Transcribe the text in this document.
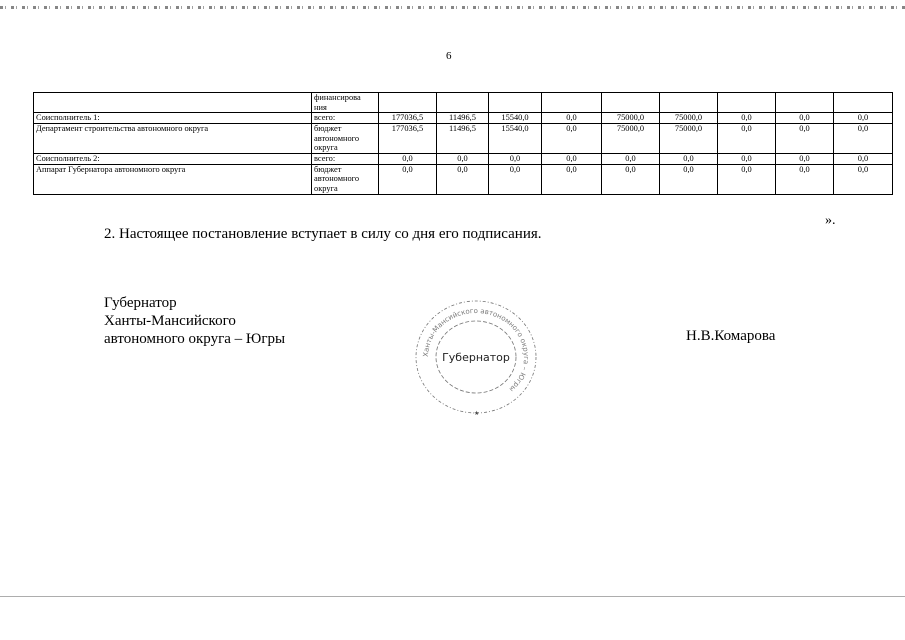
6
	финансирова
ния									
Соисполнитель 1:	всего:	177036,5	11496,5	15540,0	0,0	75000,0	75000,0	0,0	0,0	0,0
Департамент строительства автономного округа	бюджет
автономного
округа	177036,5	11496,5	15540,0	0,0	75000,0	75000,0	0,0	0,0	0,0
Соисполнитель 2:	всего:	0,0	0,0	0,0	0,0	0,0	0,0	0,0	0,0	0,0
Аппарат Губернатора автономного округа	бюджет
автономного
округа	0,0	0,0	0,0	0,0	0,0	0,0	0,0	0,0	0,0
».
2. Настоящее постановление вступает в силу со дня его подписания.
Губернатор
Ханты-Мансийского
автономного округа – Югры	Н.В.Комарова
Ханты-Мансийского автономного округа – Югры
Губернатор
★
